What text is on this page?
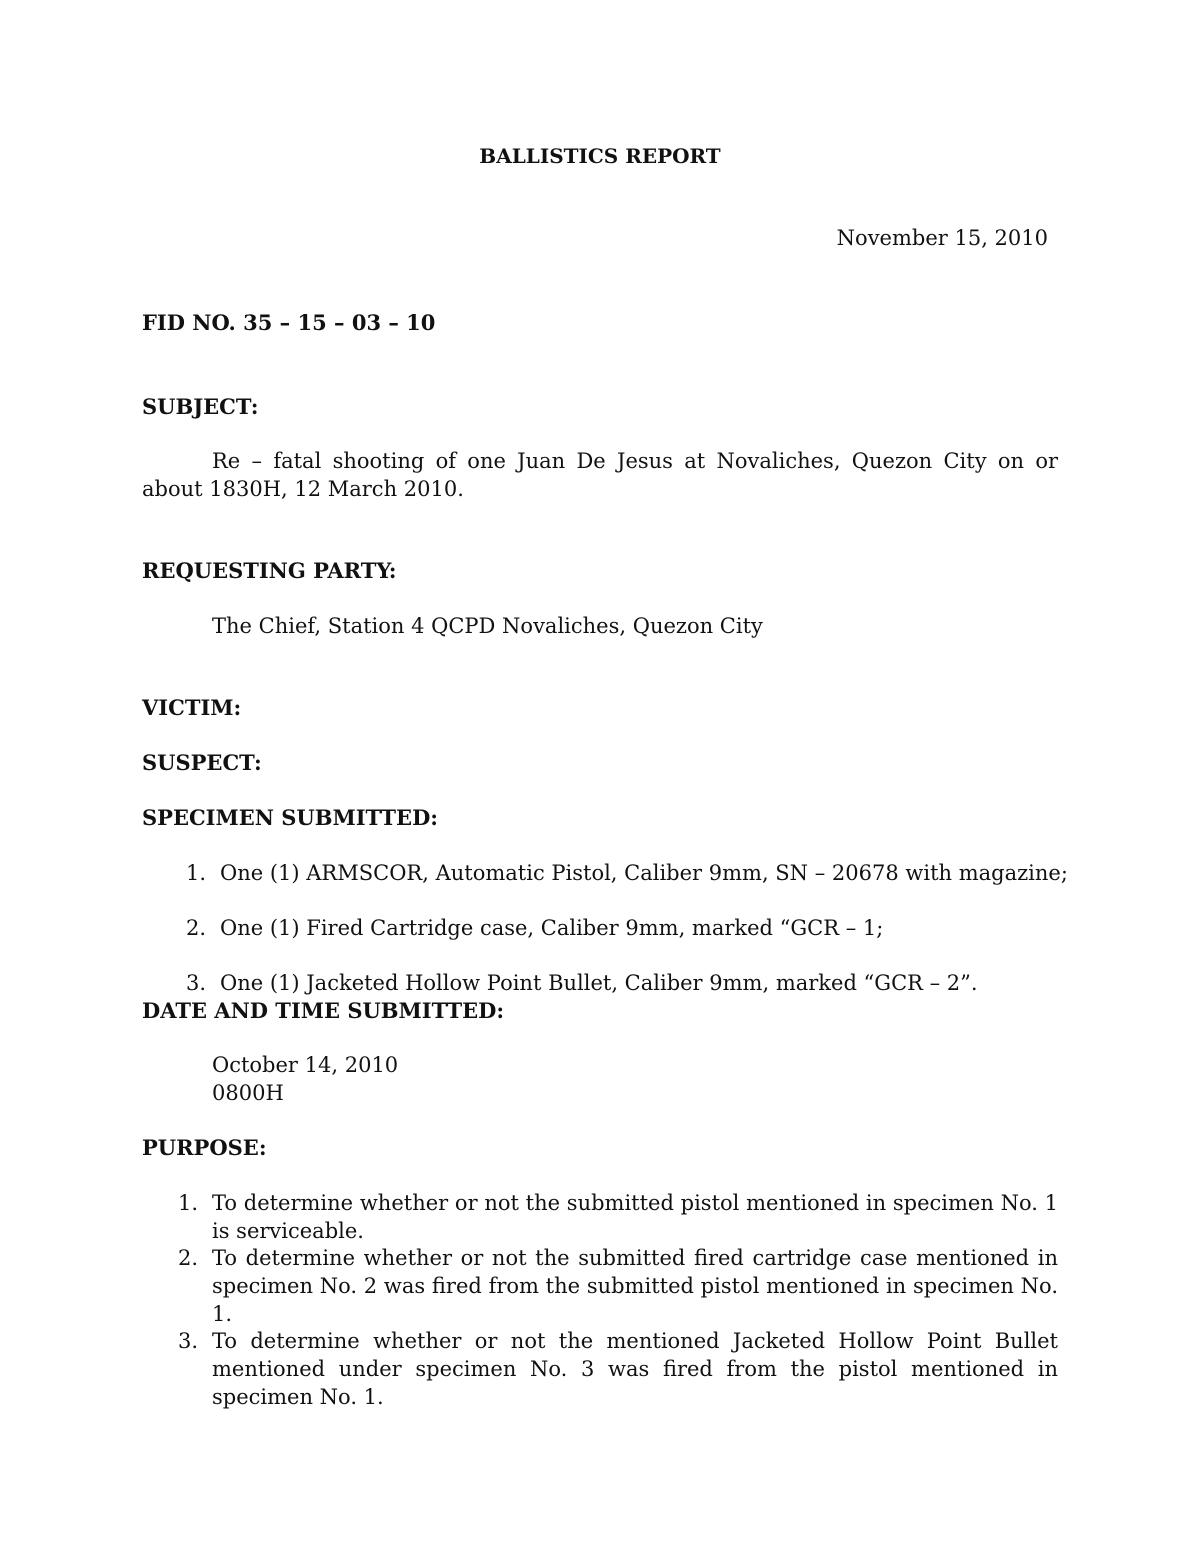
BALLISTICS REPORT

November 15, 2010

FID NO. 35 – 15 – 03 – 10

SUBJECT:

Re – fatal shooting of one Juan De Jesus at Novaliches, Quezon City on or about 1830H, 12 March 2010.

REQUESTING PARTY:

The Chief, Station 4 QCPD Novaliches, Quezon City

VICTIM:

SUSPECT:

SPECIMEN SUBMITTED:

1. One (1) ARMSCOR, Automatic Pistol, Caliber 9mm, SN – 20678 with magazine;
2. One (1) Fired Cartridge case, Caliber 9mm, marked “GCR – 1;
3. One (1) Jacketed Hollow Point Bullet, Caliber 9mm, marked “GCR – 2”.

DATE AND TIME SUBMITTED:

October 14, 2010

0800H

PURPOSE:

1. To determine whether or not the submitted pistol mentioned in specimen No. 1 is serviceable.
2. To determine whether or not the submitted fired cartridge case mentioned in specimen No. 2 was fired from the submitted pistol mentioned in specimen No. 1.
3. To determine whether or not the mentioned Jacketed Hollow Point Bullet mentioned under specimen No. 3 was fired from the pistol mentioned in specimen No. 1.
